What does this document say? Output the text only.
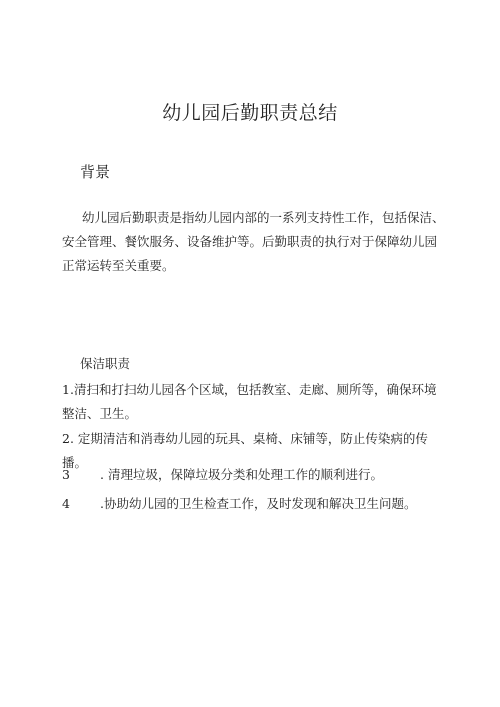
幼儿园后勤职责总结
背景
幼儿园后勤职责是指幼儿园内部的一系列支持性工作，包括保洁、安全管理、餐饮服务、设备维护等。后勤职责的执行对于保障幼儿园正常运转至关重要。
保洁职责
1.清扫和打扫幼儿园各个区域，包括教室、走廊、厕所等，确保环境整洁、卫生。
2. 定期清洁和消毒幼儿园的玩具、桌椅、床铺等，防止传染病的传播。
3 . 清理垃圾，保障垃圾分类和处理工作的顺利进行。
4 .协助幼儿园的卫生检查工作，及时发现和解决卫生问题。
